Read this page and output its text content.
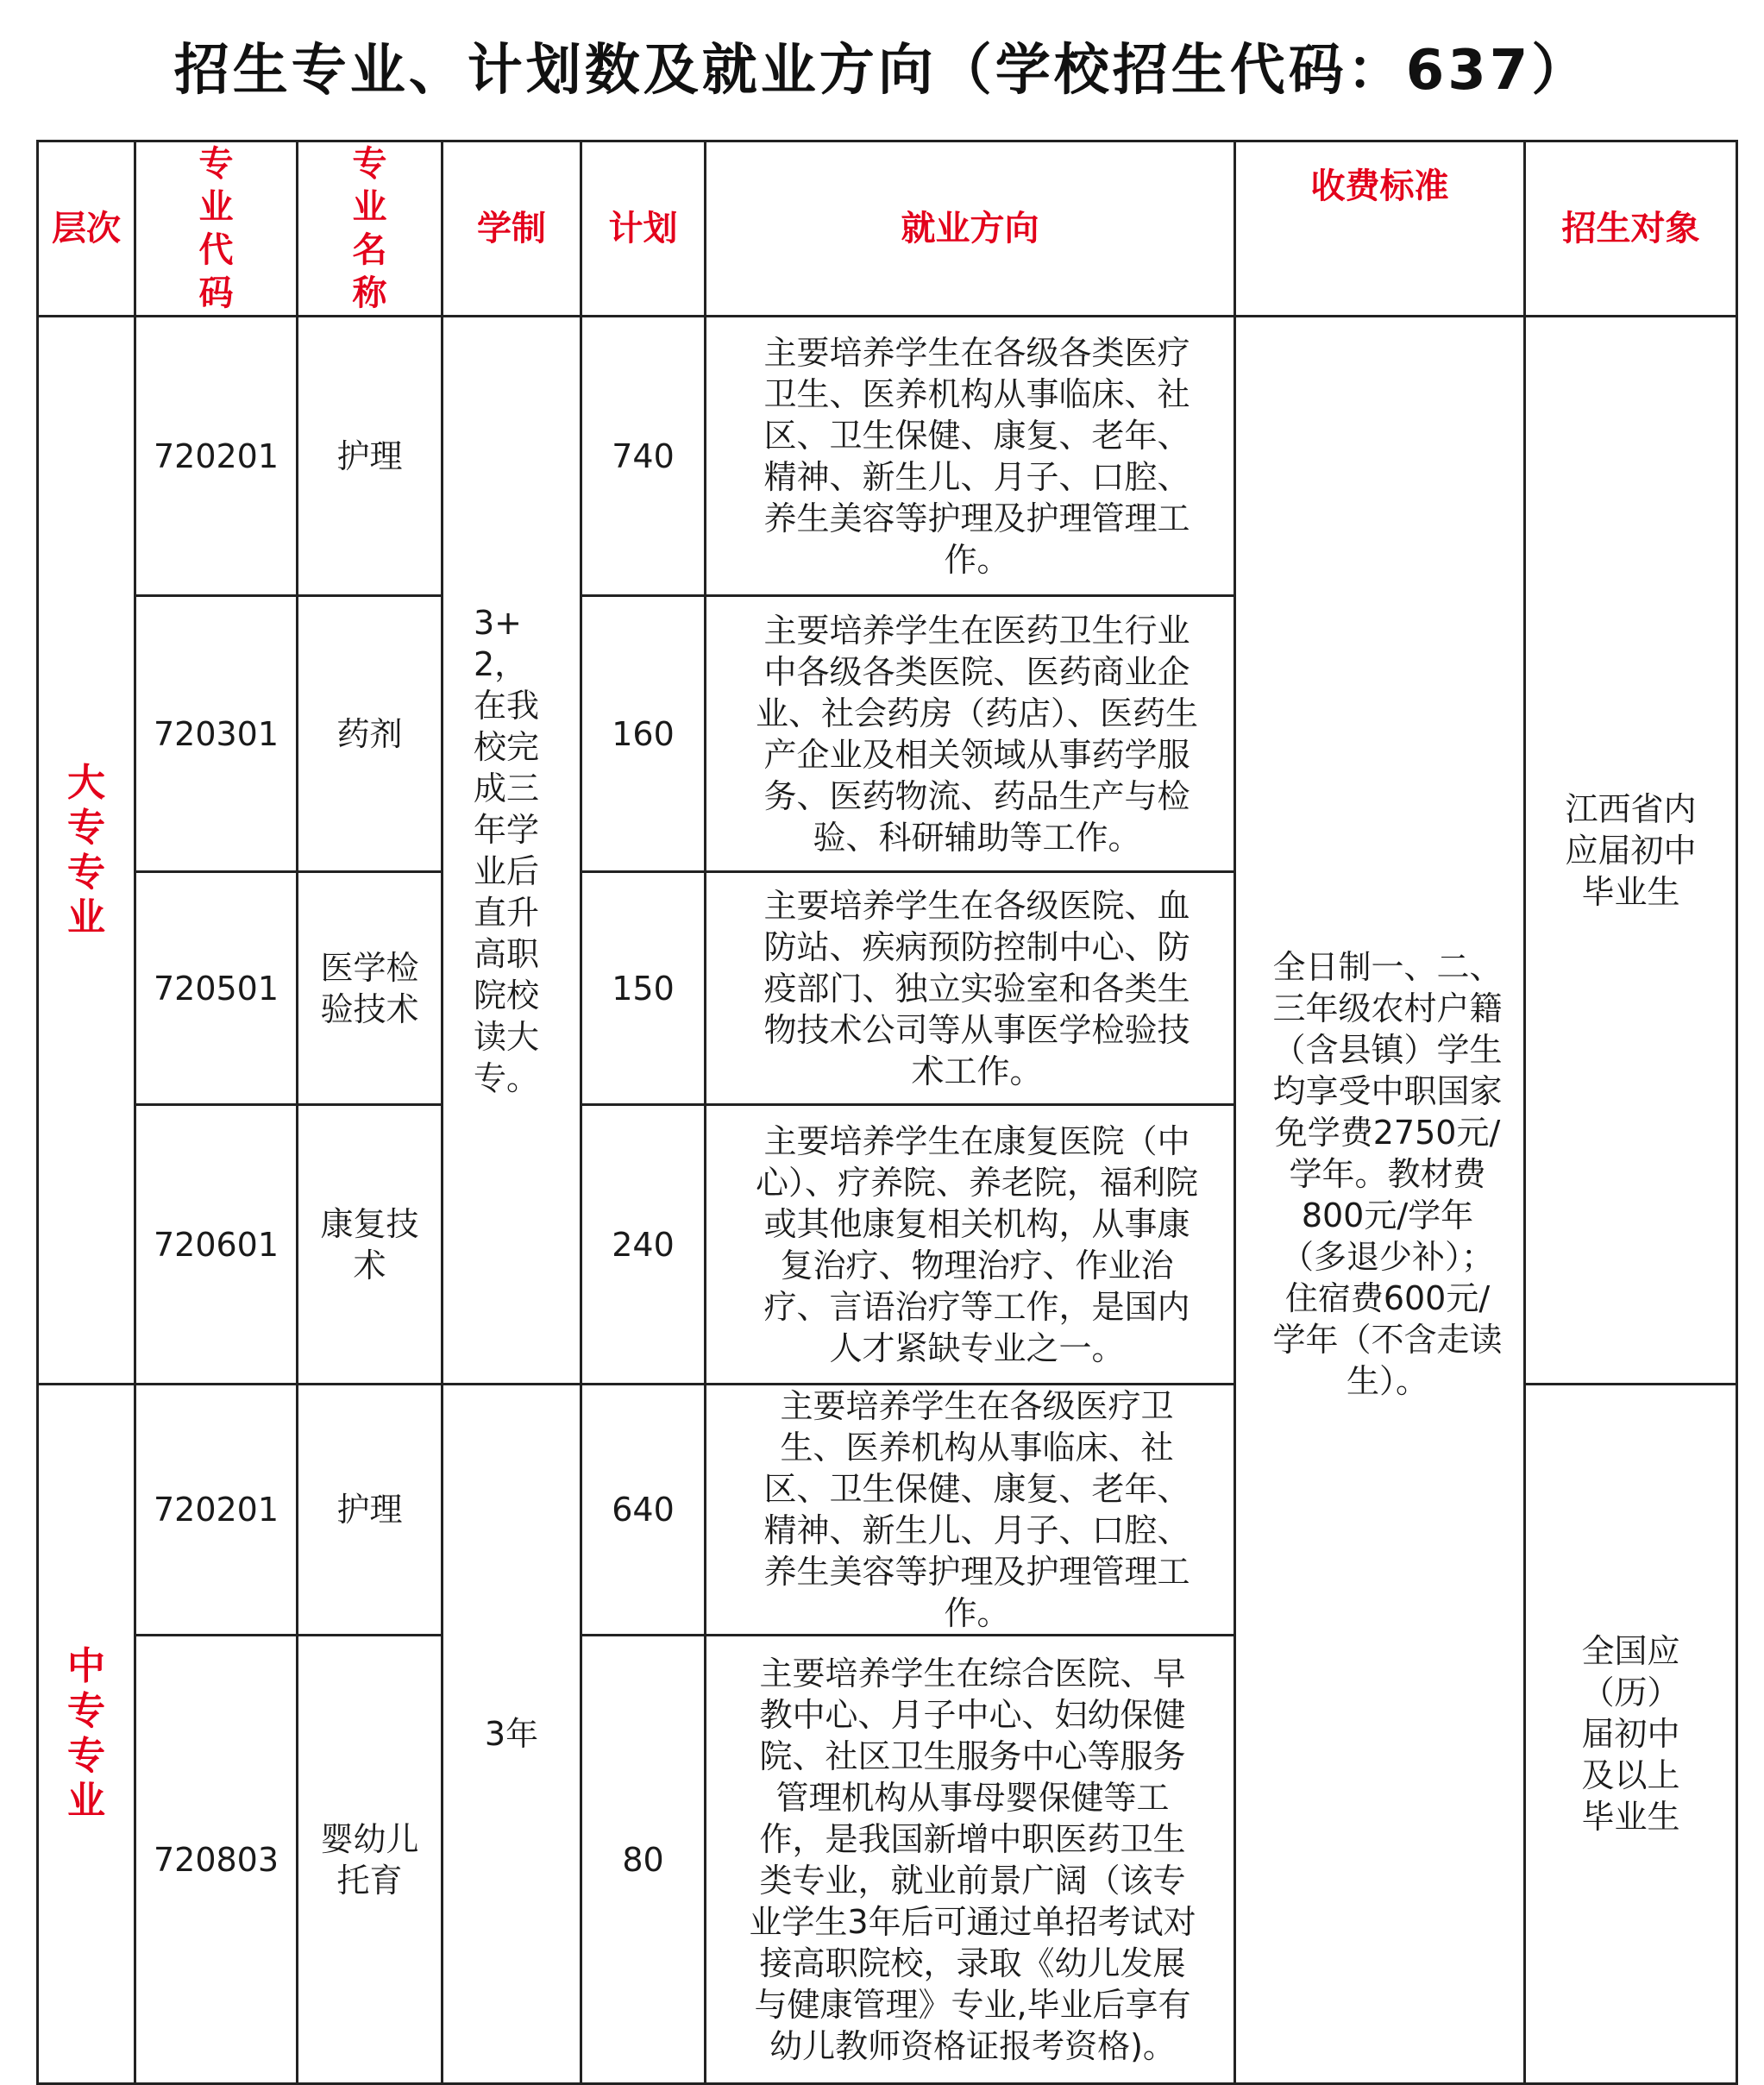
招生专业、计划数及就业方向（学校招生代码：637）
层次	专业代码	专业名称	学制	计划	就业方向	收费标准	招生对象
大专专业	720201	护理	3+2，在我校完成三年学业后直升高职院校读大专。	740	主要培养学生在各级各类医疗卫生、医养机构从事临床、社区、卫生保健、康复、老年、精神、新生儿、月子、口腔、养生美容等护理及护理管理工作。	全日制一、二、三年级农村户籍（含县镇）学生均享受中职国家免学费2750元/学年。教材费800元/学年（多退少补）；住宿费600元/学年（不含走读生）。	江西省内应届初中毕业生

	720301	药剂		160	主要培养学生在医药卫生行业中各级各类医院、医药商业企业、社会药房（药店）、医药生产企业及相关领域从事药学服务、医药物流、药品生产与检验、科研辅助等工作。		

	720501	医学检验技术		150	主要培养学生在各级医院、血防站、疾病预防控制中心、防疫部门、独立实验室和各类生物技术公司等从事医学检验技术工作。		

	720601	康复技术		240	主要培养学生在康复医院（中心）、疗养院、养老院，福利院或其他康复相关机构，从事康复治疗、物理治疗、作业治疗、言语治疗等工作，是国内人才紧缺专业之一。		

中专专业	720201	护理	3年	640	主要培养学生在各级医疗卫生、医养机构从事临床、社区、卫生保健、康复、老年、精神、新生儿、月子、口腔、养生美容等护理及护理管理工作。		全国应（历）届初中及以上毕业生

	720803	婴幼儿托育		80	主要培养学生在综合医院、早教中心、月子中心、妇幼保健院、社区卫生服务中心等服务管理机构从事母婴保健等工作，是我国新增中职医药卫生类专业，就业前景广阔（该专业学生3年后可通过单招考试对接高职院校，录取《幼儿发展与健康管理》专业,毕业后享有幼儿教师资格证报考资格)。		
